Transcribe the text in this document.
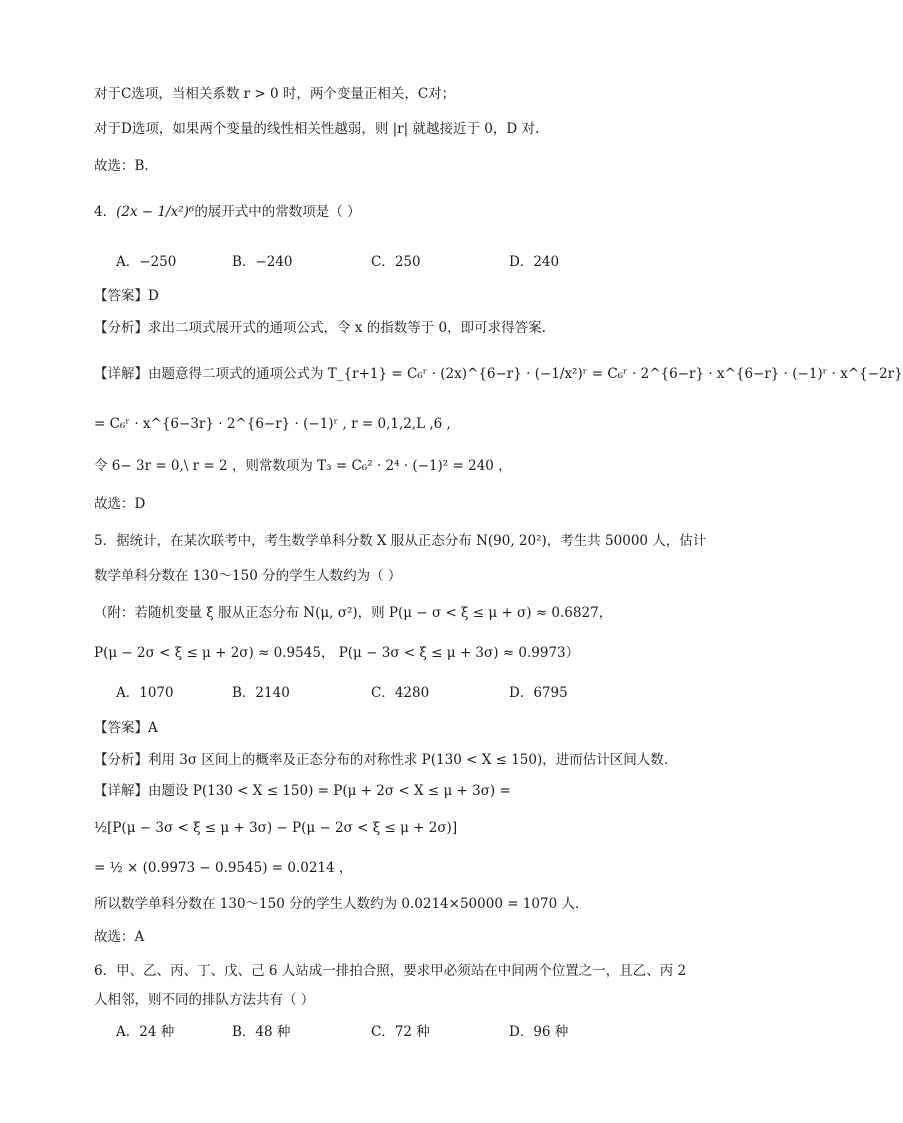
对于C选项，当相关系数 r > 0 时，两个变量正相关，C对；
对于D选项，如果两个变量的线性相关性越弱，则 |r| 就越接近于 0，D 对.
故选：B.
4．(2x − 1/x²)⁶的展开式中的常数项是（ ）
A．−250	B．−240	C．250	D．240
【答案】D
【分析】求出二项式展开式的通项公式，令 x 的指数等于 0，即可求得答案.
【详解】由题意得二项式的通项公式为 T_{r+1} = C₆ʳ · (2x)^{6−r} · (−1/x²)ʳ = C₆ʳ · 2^{6−r} · x^{6−r} · (−1)ʳ · x^{−2r}
= C₆ʳ · x^{6−3r} · 2^{6−r} · (−1)ʳ , r = 0,1,2,L ,6 ,
令 6− 3r = 0,\ r = 2 ，则常数项为 T₃ = C₆² · 2⁴ · (−1)² = 240 ，
故选：D
5．据统计，在某次联考中，考生数学单科分数 X 服从正态分布 N(90, 20²)，考生共 50000 人，估计
数学单科分数在 130～150 分的学生人数约为（ ）
（附：若随机变量 ξ 服从正态分布 N(μ, σ²)，则 P(μ − σ < ξ ≤ μ + σ) ≈ 0.6827，
P(μ − 2σ < ξ ≤ μ + 2σ) ≈ 0.9545， P(μ − 3σ < ξ ≤ μ + 3σ) ≈ 0.9973）
A．1070	B．2140	C．4280	D．6795
【答案】A
【分析】利用 3σ 区间上的概率及正态分布的对称性求 P(130 < X ≤ 150)，进而估计区间人数.
【详解】由题设 P(130 < X ≤ 150) = P(μ + 2σ < X ≤ μ + 3σ) =
½[P(μ − 3σ < ξ ≤ μ + 3σ) − P(μ − 2σ < ξ ≤ μ + 2σ)]
= ½ × (0.9973 − 0.9545) = 0.0214 ，
所以数学单科分数在 130～150 分的学生人数约为 0.0214×50000 = 1070 人.
故选：A
6．甲、乙、丙、丁、戊、己 6 人站成一排拍合照，要求甲必须站在中间两个位置之一，且乙、丙 2
人相邻，则不同的排队方法共有（ ）
A．24 种	B．48 种	C．72 种	D．96 种
